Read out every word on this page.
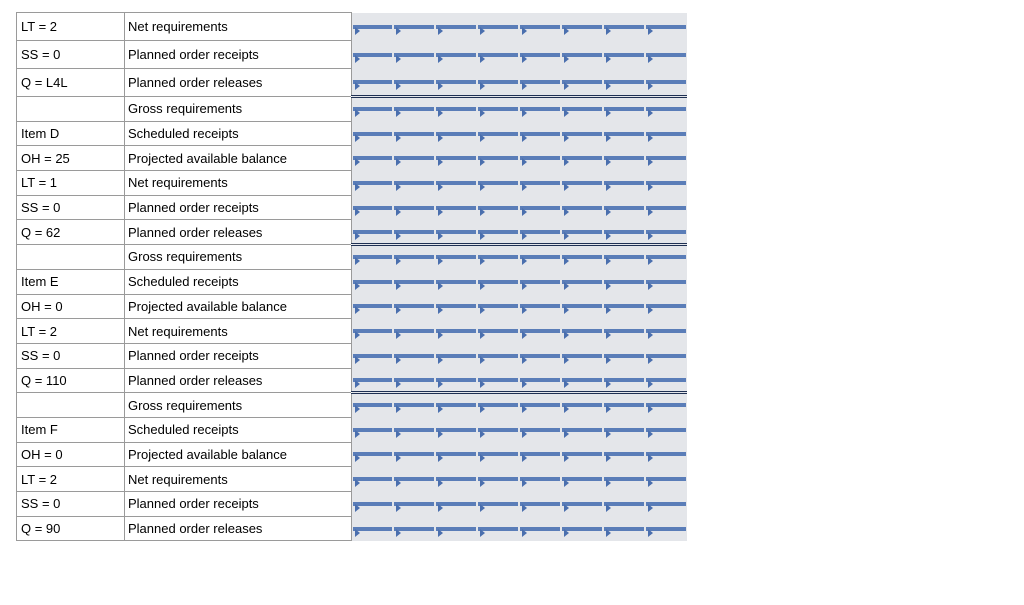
LT = 2	Net requirements	

SS = 0	Planned order receipts	

Q = L4L	Planned order releases	

	Gross requirements	

Item D	Scheduled receipts	

OH = 25	Projected available balance	

LT = 1	Net requirements	

SS = 0	Planned order receipts	

Q = 62	Planned order releases	

	Gross requirements	

Item E	Scheduled receipts	

OH = 0	Projected available balance	

LT = 2	Net requirements	

SS = 0	Planned order receipts	

Q = 110	Planned order releases	

	Gross requirements	

Item F	Scheduled receipts	

OH = 0	Projected available balance	

LT = 2	Net requirements	

SS = 0	Planned order receipts	

Q = 90	Planned order releases	
